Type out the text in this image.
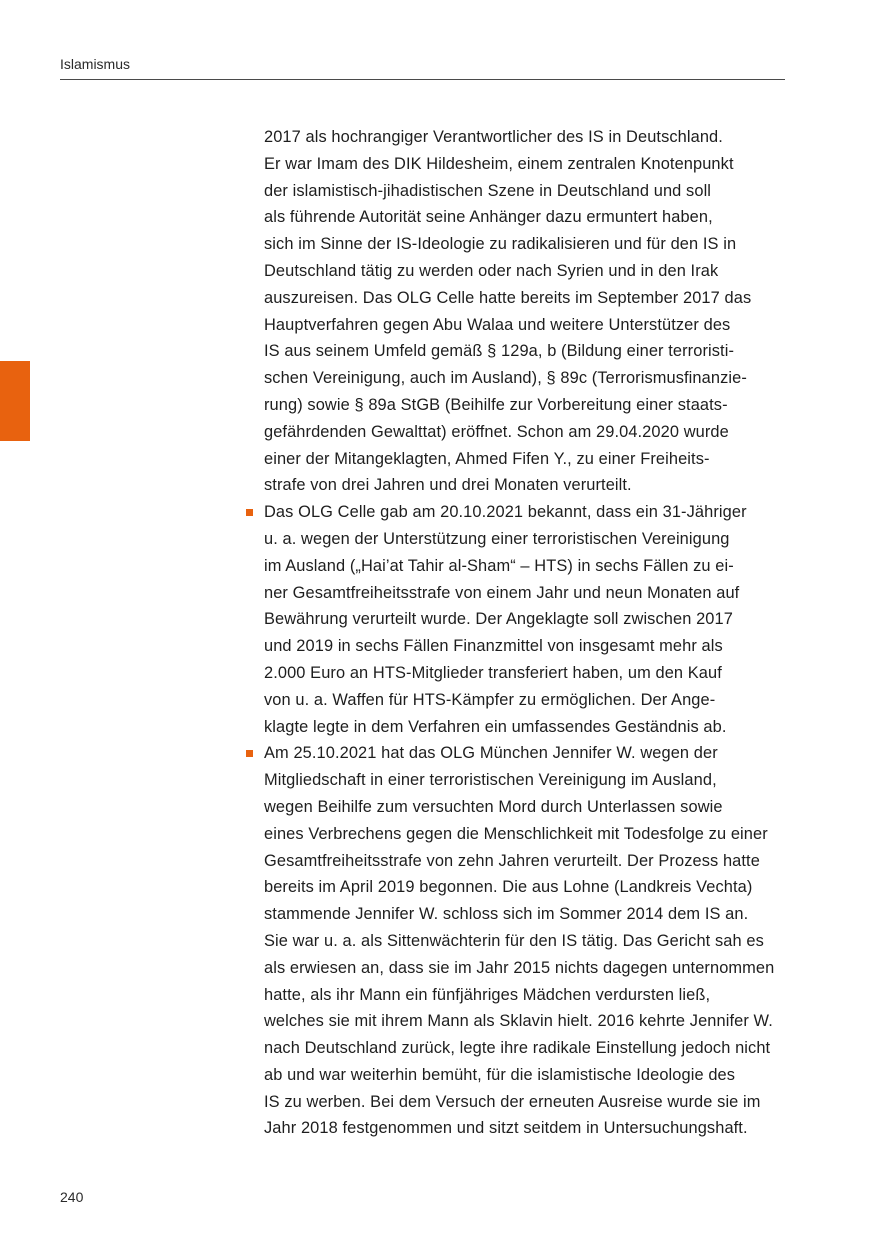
Islamismus
2017 als hochrangiger Verantwortlicher des IS in Deutschland.
Er war Imam des DIK Hildesheim, einem zentralen Knotenpunkt
der islamistisch-jihadistischen Szene in Deutschland und soll
als führende Autorität seine Anhänger dazu ermuntert haben,
sich im Sinne der IS-Ideologie zu radikalisieren und für den IS in
Deutschland tätig zu werden oder nach Syrien und in den Irak
auszureisen. Das OLG Celle hatte bereits im September 2017 das
Hauptverfahren gegen Abu Walaa und weitere Unterstützer des
IS aus seinem Umfeld gemäß § 129a, b (Bildung einer terroristi-
schen Vereinigung, auch im Ausland), § 89c (Terrorismusfinanzie-
rung) sowie § 89a StGB (Beihilfe zur Vorbereitung einer staats-
gefährdenden Gewalttat) eröffnet. Schon am 29.04.2020 wurde
einer der Mitangeklagten, Ahmed Fifen Y., zu einer Freiheits-
strafe von drei Jahren und drei Monaten verurteilt.
Das OLG Celle gab am 20.10.2021 bekannt, dass ein 31-Jähriger
u. a. wegen der Unterstützung einer terroristischen Vereinigung
im Ausland („Hai’at Tahir al-Sham“ – HTS) in sechs Fällen zu ei-
ner Gesamtfreiheitsstrafe von einem Jahr und neun Monaten auf
Bewährung verurteilt wurde. Der Angeklagte soll zwischen 2017
und 2019 in sechs Fällen Finanzmittel von insgesamt mehr als
2.000 Euro an HTS-Mitglieder transferiert haben, um den Kauf
von u. a. Waffen für HTS-Kämpfer zu ermöglichen. Der Ange-
klagte legte in dem Verfahren ein umfassendes Geständnis ab.
Am 25.10.2021 hat das OLG München Jennifer W. wegen der
Mitgliedschaft in einer terroristischen Vereinigung im Ausland,
wegen Beihilfe zum versuchten Mord durch Unterlassen sowie
eines Verbrechens gegen die Menschlichkeit mit Todesfolge zu einer
Gesamtfreiheitsstrafe von zehn Jahren verurteilt. Der Prozess hatte
bereits im April 2019 begonnen. Die aus Lohne (Landkreis Vechta)
stammende Jennifer W. schloss sich im Sommer 2014 dem IS an.
Sie war u. a. als Sittenwächterin für den IS tätig. Das Gericht sah es
als erwiesen an, dass sie im Jahr 2015 nichts dagegen unternommen
hatte, als ihr Mann ein fünfjähriges Mädchen verdursten ließ,
welches sie mit ihrem Mann als Sklavin hielt. 2016 kehrte Jennifer W.
nach Deutschland zurück, legte ihre radikale Einstellung jedoch nicht
ab und war weiterhin bemüht, für die islamistische Ideologie des
IS zu werben. Bei dem Versuch der erneuten Ausreise wurde sie im
Jahr 2018 festgenommen und sitzt seitdem in Untersuchungshaft.
240
